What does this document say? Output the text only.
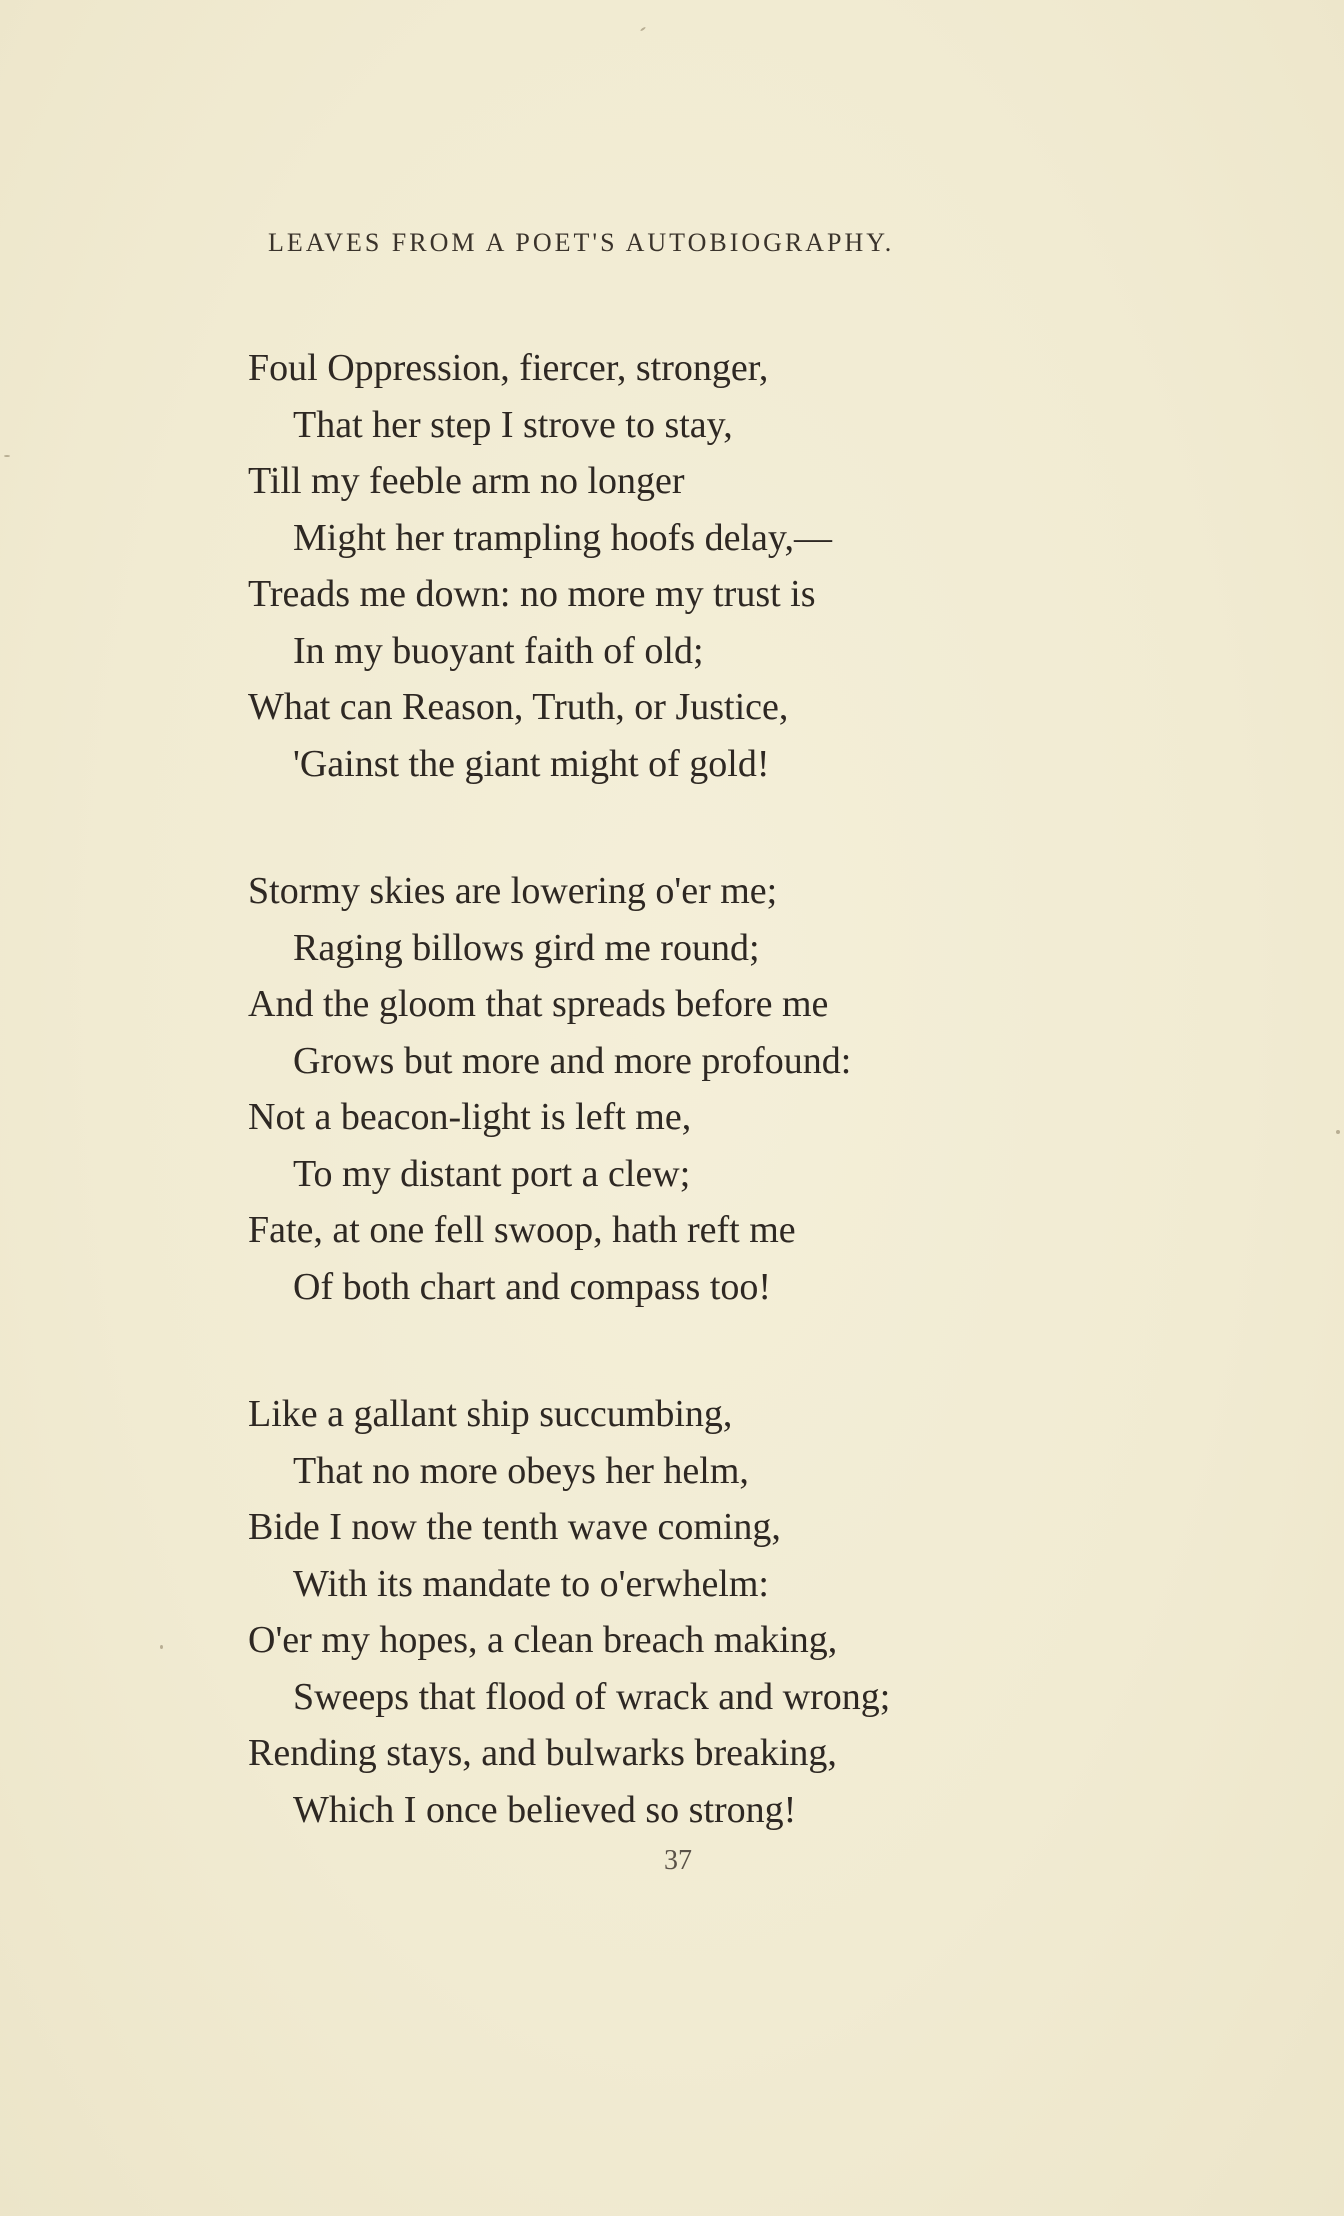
LEAVES FROM A POET'S AUTOBIOGRAPHY.
Foul Oppression, fiercer, stronger,
That her step I strove to stay,
Till my feeble arm no longer
Might her trampling hoofs delay,—
Treads me down: no more my trust is
In my buoyant faith of old;
What can Reason, Truth, or Justice,
'Gainst the giant might of gold!
Stormy skies are lowering o'er me;
Raging billows gird me round;
And the gloom that spreads before me
Grows but more and more profound:
Not a beacon-light is left me,
To my distant port a clew;
Fate, at one fell swoop, hath reft me
Of both chart and compass too!
Like a gallant ship succumbing,
That no more obeys her helm,
Bide I now the tenth wave coming,
With its mandate to o'erwhelm:
O'er my hopes, a clean breach making,
Sweeps that flood of wrack and wrong;
Rending stays, and bulwarks breaking,
Which I once believed so strong!
37
